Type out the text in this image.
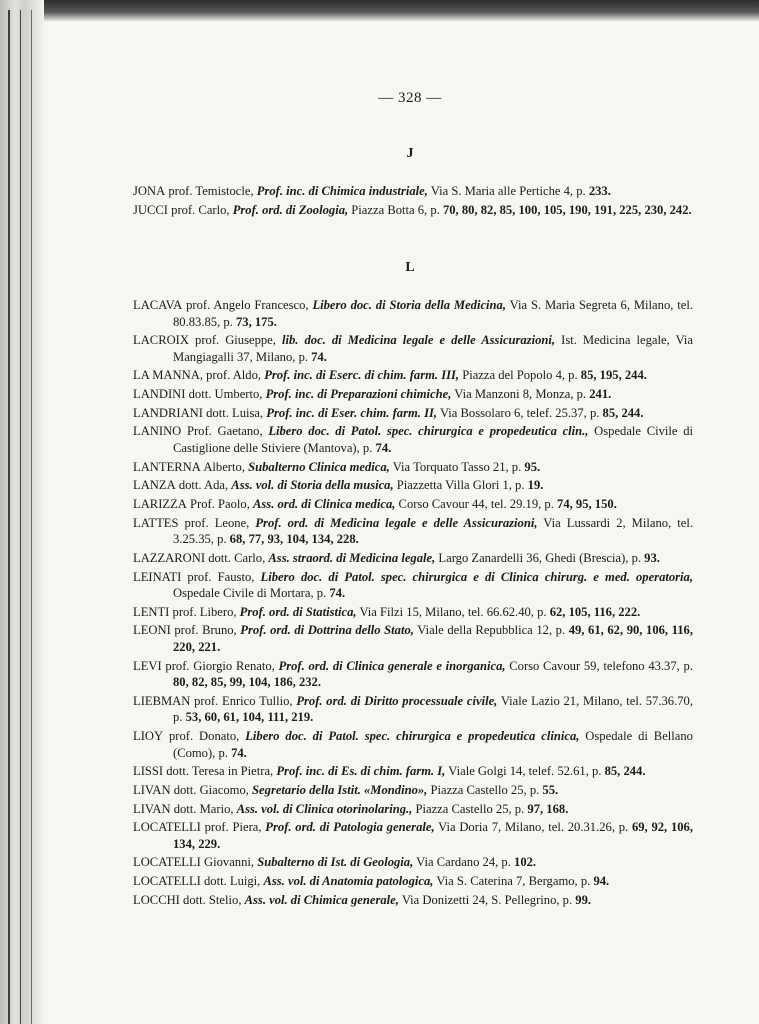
— 328 —
J

JONA prof. Temistocle, Prof. inc. di Chimica industriale, Via S. Maria alle Pertiche 4, p. 233.

JUCCI prof. Carlo, Prof. ord. di Zoologia, Piazza Botta 6, p. 70, 80, 82, 85, 100, 105, 190, 191, 225, 230, 242.

L

LACAVA prof. Angelo Francesco, Libero doc. di Storia della Medicina, Via S. Maria Segreta 6, Milano, tel. 80.83.85, p. 73, 175.

LACROIX prof. Giuseppe, lib. doc. di Medicina legale e delle Assicurazioni, Ist. Medicina legale, Via Mangiagalli 37, Milano, p. 74.

LA MANNA, prof. Aldo, Prof. inc. di Eserc. di chim. farm. III, Piazza del Popolo 4, p. 85, 195, 244.

LANDINI dott. Umberto, Prof. inc. di Preparazioni chimiche, Via Manzoni 8, Monza, p. 241.

LANDRIANI dott. Luisa, Prof. inc. di Eser. chim. farm. II, Via Bossolaro 6, telef. 25.37, p. 85, 244.

LANINO Prof. Gaetano, Libero doc. di Patol. spec. chirurgica e propedeutica clin., Ospedale Civile di Castiglione delle Stiviere (Mantova), p. 74.

LANTERNA Alberto, Subalterno Clinica medica, Via Torquato Tasso 21, p. 95.

LANZA dott. Ada, Ass. vol. di Storia della musica, Piazzetta Villa Glori 1, p. 19.

LARIZZA Prof. Paolo, Ass. ord. di Clinica medica, Corso Cavour 44, tel. 29.19, p. 74, 95, 150.

LATTES prof. Leone, Prof. ord. di Medicina legale e delle Assicurazioni, Via Lussardi 2, Milano, tel. 3.25.35, p. 68, 77, 93, 104, 134, 228.

LAZZARONI dott. Carlo, Ass. straord. di Medicina legale, Largo Zanardelli 36, Ghedi (Brescia), p. 93.

LEINATI prof. Fausto, Libero doc. di Patol. spec. chirurgica e di Clinica chirurg. e med. operatoria, Ospedale Civile di Mortara, p. 74.

LENTI prof. Libero, Prof. ord. di Statistica, Via Filzi 15, Milano, tel. 66.62.40, p. 62, 105, 116, 222.

LEONI prof. Bruno, Prof. ord. di Dottrina dello Stato, Viale della Repubblica 12, p. 49, 61, 62, 90, 106, 116, 220, 221.

LEVI prof. Giorgio Renato, Prof. ord. di Clinica generale e inorganica, Corso Cavour 59, telefono 43.37, p. 80, 82, 85, 99, 104, 186, 232.

LIEBMAN prof. Enrico Tullio, Prof. ord. di Diritto processuale civile, Viale Lazio 21, Milano, tel. 57.36.70, p. 53, 60, 61, 104, 111, 219.

LIOY prof. Donato, Libero doc. di Patol. spec. chirurgica e propedeutica clinica, Ospedale di Bellano (Como), p. 74.

LISSI dott. Teresa in Pietra, Prof. inc. di Es. di chim. farm. I, Viale Golgi 14, telef. 52.61, p. 85, 244.

LIVAN dott. Giacomo, Segretario della Istit. «Mondino», Piazza Castello 25, p. 55.

LIVAN dott. Mario, Ass. vol. di Clinica otorinolaring., Piazza Castello 25, p. 97, 168.

LOCATELLI prof. Piera, Prof. ord. di Patologia generale, Via Doria 7, Milano, tel. 20.31.26, p. 69, 92, 106, 134, 229.

LOCATELLI Giovanni, Subalterno di Ist. di Geologia, Via Cardano 24, p. 102.

LOCATELLI dott. Luigi, Ass. vol. di Anatomia patologica, Via S. Caterina 7, Bergamo, p. 94.

LOCCHI dott. Stelio, Ass. vol. di Chimica generale, Via Donizetti 24, S. Pellegrino, p. 99.
